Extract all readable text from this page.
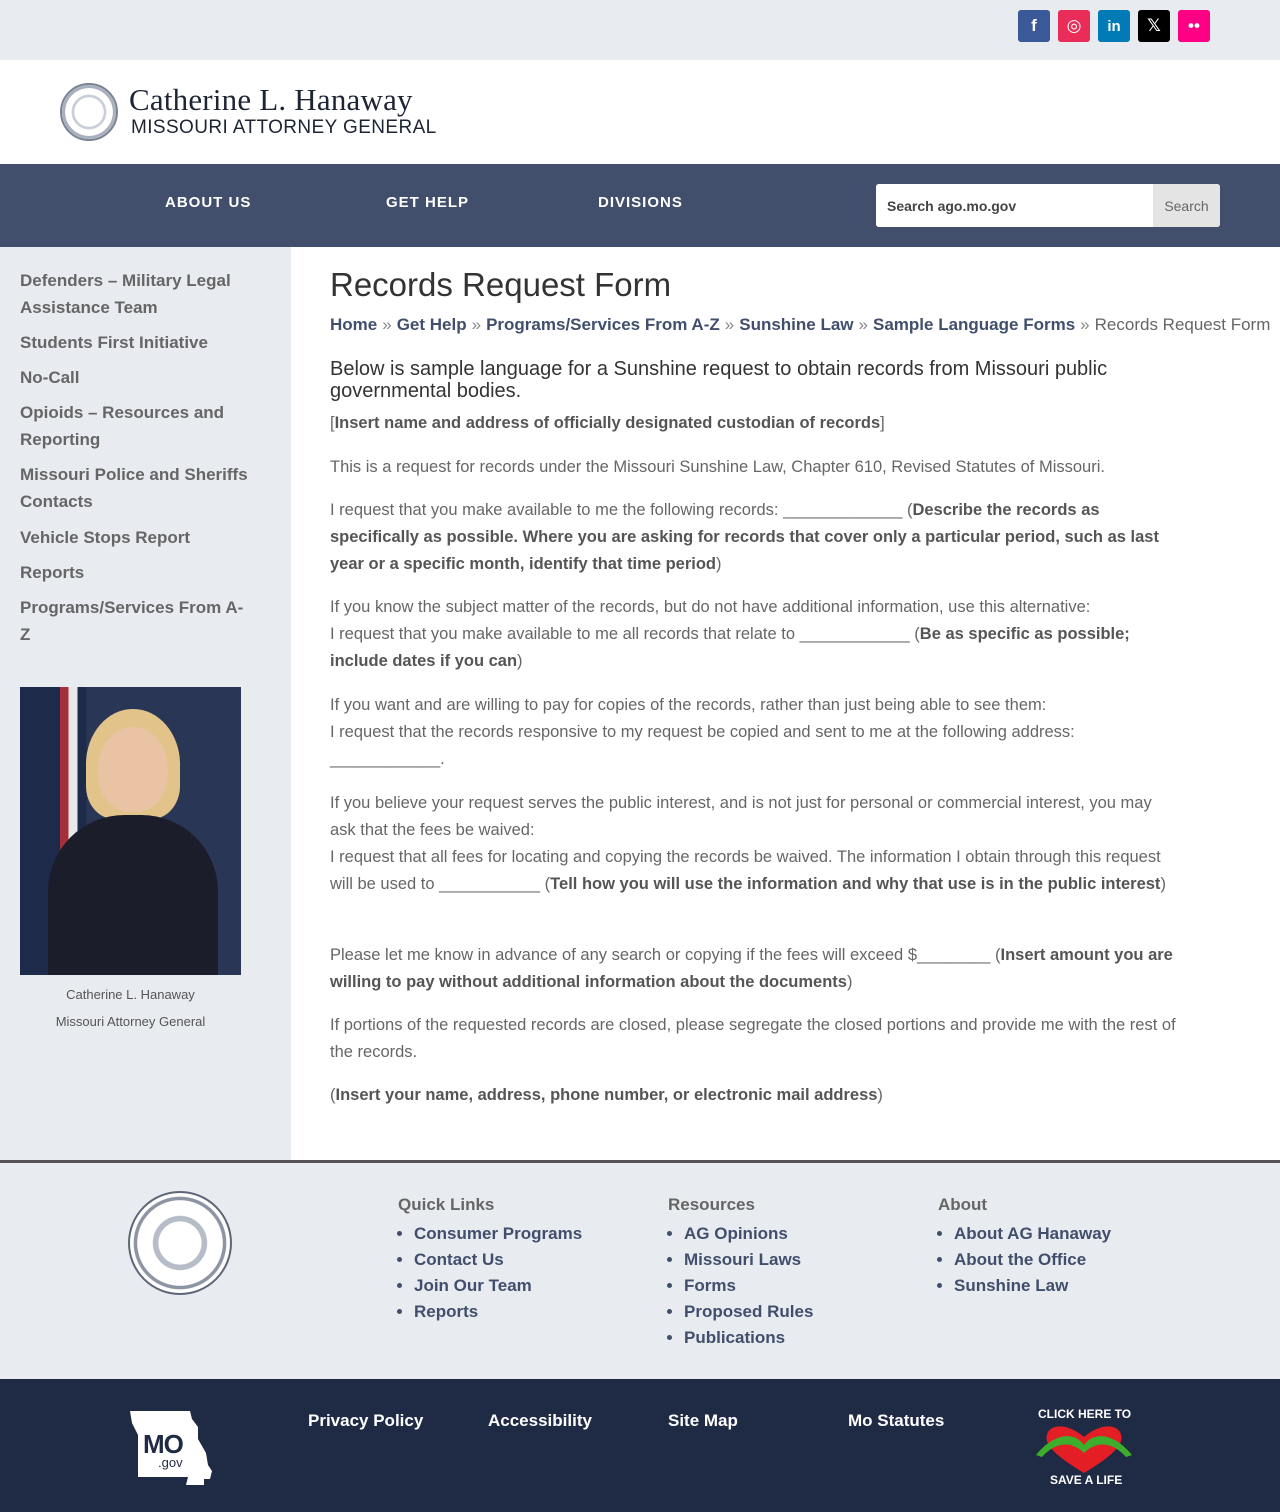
f	◎	in	𝕏	••
Catherine L. Hanaway
MISSOURI ATTORNEY GENERAL
ABOUT US	GET HELP	DIVISIONS
Search ago.mo.gov	Search
Defenders – Military Legal Assistance Team
Students First Initiative
No-Call
Opioids – Resources and Reporting
Missouri Police and Sheriffs Contacts
Vehicle Stops Report
Reports
Programs/Services From A-Z
Catherine L. Hanaway
Missouri Attorney General
Records Request Form
Home » Get Help » Programs/Services From A-Z » Sunshine Law » Sample Language Forms » Records Request Form
Below is sample language for a Sunshine request to obtain records from Missouri public governmental bodies.
[Insert name and address of officially designated custodian of records]
This is a request for records under the Missouri Sunshine Law, Chapter 610, Revised Statutes of Missouri.
I request that you make available to me the following records: _____________ (Describe the records as specifically as possible. Where you are asking for records that cover only a particular period, such as last year or a specific month, identify that time period)
If you know the subject matter of the records, but do not have additional information, use this alternative:
I request that you make available to me all records that relate to ____________ (Be as specific as possible; include dates if you can)
If you want and are willing to pay for copies of the records, rather than just being able to see them:
I request that the records responsive to my request be copied and sent to me at the following address: ____________.
If you believe your request serves the public interest, and is not just for personal or commercial interest, you may ask that the fees be waived:
I request that all fees for locating and copying the records be waived. The information I obtain through this request will be used to ___________ (Tell how you will use the information and why that use is in the public interest)
Please let me know in advance of any search or copying if the fees will exceed $________ (Insert amount you are willing to pay without additional information about the documents)
If portions of the requested records are closed, please segregate the closed portions and provide me with the rest of the records.
(Insert your name, address, phone number, or electronic mail address)
Quick Links
• Consumer Programs
• Contact Us
• Join Our Team
• Reports
Resources
• AG Opinions
• Missouri Laws
• Forms
• Proposed Rules
• Publications
About
• About AG Hanaway
• About the Office
• Sunshine Law
MO
.gov
Privacy Policy	Accessibility	Site Map	Mo Statutes	CLICK HERE TO
SAVE A LIFE
